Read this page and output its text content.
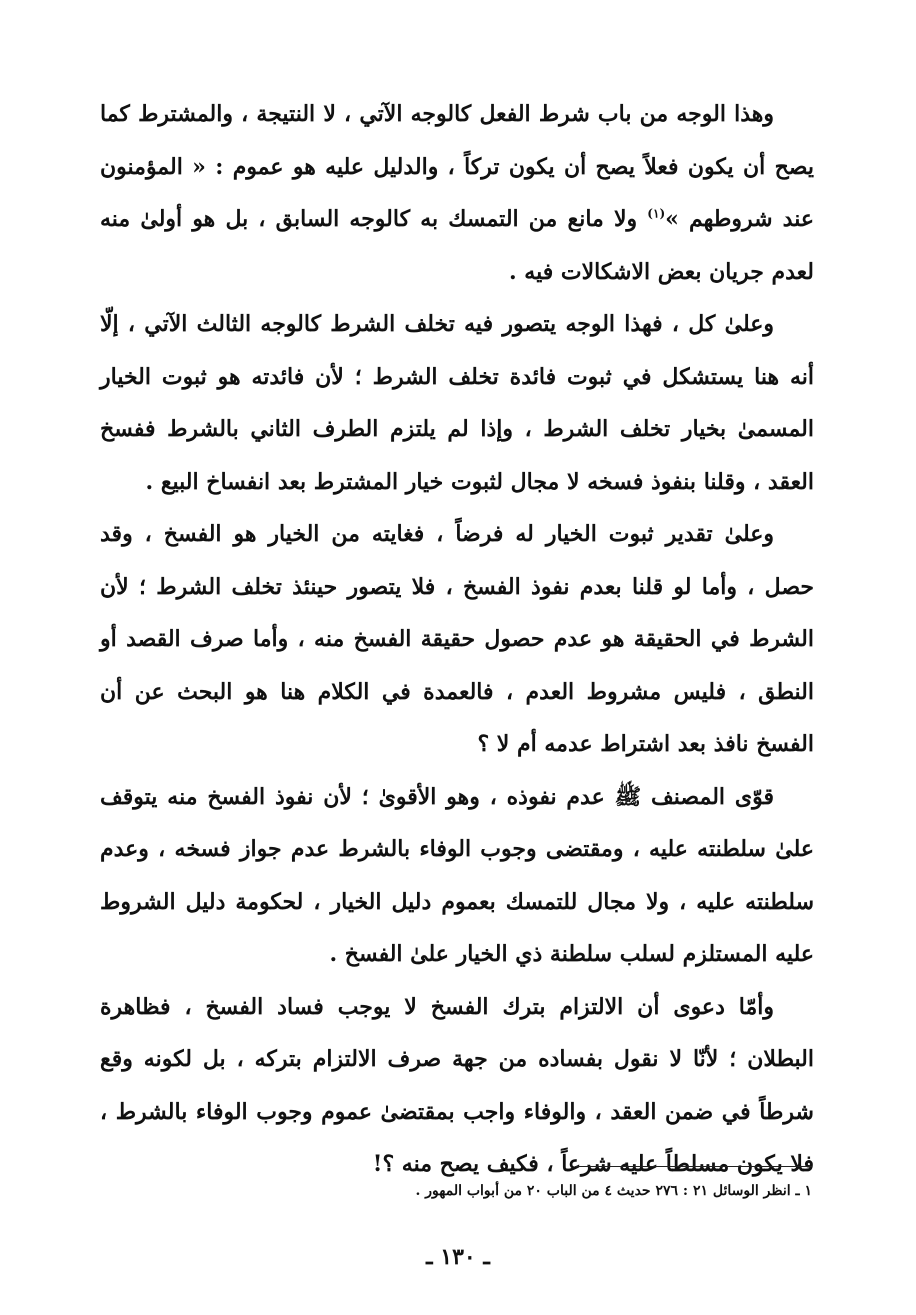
وهذا الوجه من باب شرط الفعل كالوجه الآتي ، لا النتيجة ، والمشترط كما يصح أن يكون فعلاً يصح أن يكون تركاً ، والدليل عليه هو عموم : « المؤمنون عند شروطهم »$^{(١)}$ ولا مانع من التمسك به كالوجه السابق ، بل هو أولىٰ منه لعدم جريان بعض الاشكالات فيه .

وعلىٰ كل ، فهذا الوجه يتصور فيه تخلف الشرط كالوجه الثالث الآتي ، إلّا أنه هنا يستشكل في ثبوت فائدة تخلف الشرط ؛ لأن فائدته هو ثبوت الخيار المسمىٰ بخيار تخلف الشرط ، وإذا لم يلتزم الطرف الثاني بالشرط ففسخ العقد ، وقلنا بنفوذ فسخه لا مجال لثبوت خيار المشترط بعد انفساخ البيع .

وعلىٰ تقدير ثبوت الخيار له فرضاً ، فغايته من الخيار هو الفسخ ، وقد حصل ، وأما لو قلنا بعدم نفوذ الفسخ ، فلا يتصور حينئذ تخلف الشرط ؛ لأن الشرط في الحقيقة هو عدم حصول حقيقة الفسخ منه ، وأما صرف القصد أو النطق ، فليس مشروط العدم ، فالعمدة في الكلام هنا هو البحث عن أن الفسخ نافذ بعد اشتراط عدمه أم لا ؟

قوّى المصنف ﷺ عدم نفوذه ، وهو الأقوىٰ ؛ لأن نفوذ الفسخ منه يتوقف علىٰ سلطنته عليه ، ومقتضى وجوب الوفاء بالشرط عدم جواز فسخه ، وعدم سلطنته عليه ، ولا مجال للتمسك بعموم دليل الخيار ، لحكومة دليل الشروط عليه المستلزم لسلب سلطنة ذي الخيار علىٰ الفسخ .

وأمّا دعوى أن الالتزام بترك الفسخ لا يوجب فساد الفسخ ، فظاهرة البطلان ؛ لأنّا لا نقول بفساده من جهة صرف الالتزام بتركه ، بل لكونه وقع شرطاً في ضمن العقد ، والوفاء واجب بمقتضىٰ عموم وجوب الوفاء بالشرط ، فلا يكون مسلطاً عليه شرعاً ، فكيف يصح منه ؟!

١ ـ انظر الوسائل ٢١ : ٢٧٦ حديث ٤ من الباب ٢٠ من أبواب المهور .
ـ ١٣٠ ـ
